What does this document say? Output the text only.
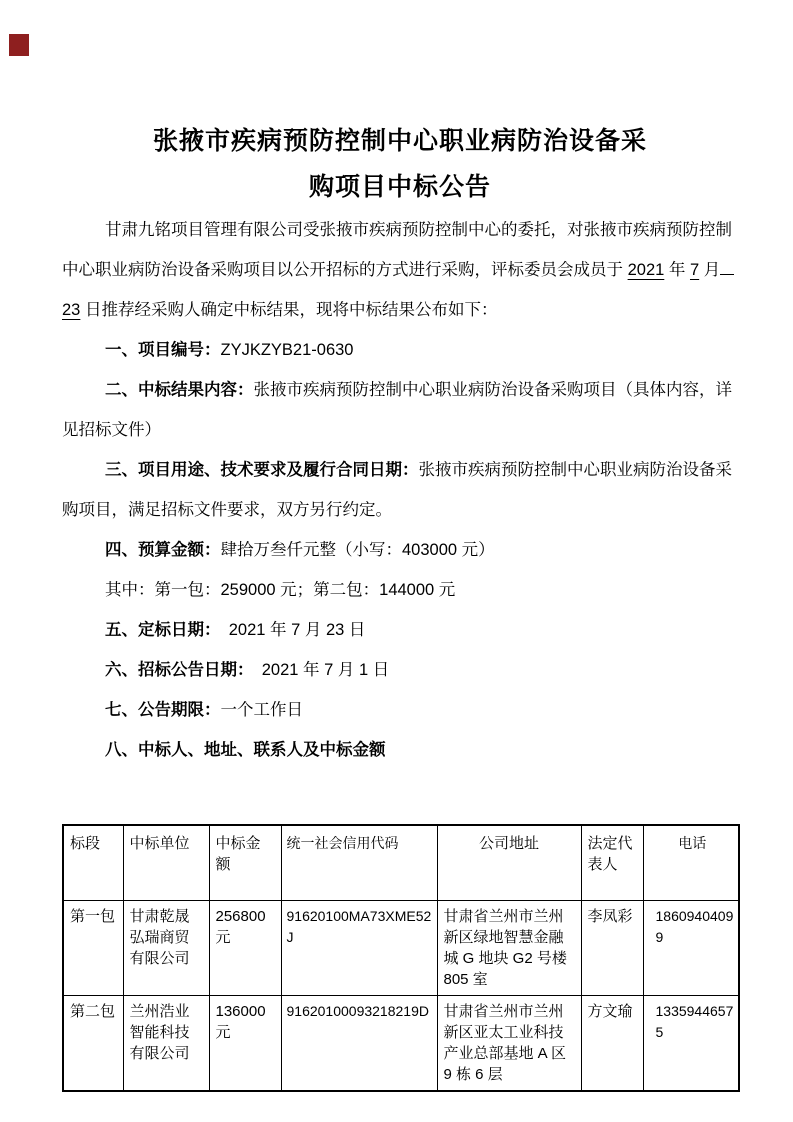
张掖市疾病预防控制中心职业病防治设备采
购项目中标公告
甘肃九铭项目管理有限公司受张掖市疾病预防控制中心的委托，对张掖市疾病预防控制
中心职业病防治设备采购项目以公开招标的方式进行采购，评标委员会成员于 2021 年 7 月
23 日推荐经采购人确定中标结果，现将中标结果公布如下：
一、项目编号：ZYJKZYB21-0630
二、中标结果内容：张掖市疾病预防控制中心职业病防治设备采购项目（具体内容，详
见招标文件）
三、项目用途、技术要求及履行合同日期：张掖市疾病预防控制中心职业病防治设备采
购项目，满足招标文件要求，双方另行约定。
四、预算金额：肆拾万叁仟元整（小写：403000 元）
其中：第一包：259000 元；第二包：144000 元
五、定标日期：　2021 年 7 月 23 日
六、招标公告日期：　2021 年 7 月 1 日
七、公告期限：一个工作日
八、中标人、地址、联系人及中标金额
标段	中标单位	中标金额	统一社会信用代码	公司地址	法定代表人	电话
第一包	甘肃乾晟弘瑞商贸有限公司	256800 元	91620100MA73XME52J	甘肃省兰州市兰州新区绿地智慧金融城 G 地块 G2 号楼 805 室	李凤彩	18609404099
第二包	兰州浩业智能科技有限公司	136000 元	91620100093218219D	甘肃省兰州市兰州新区亚太工业科技产业总部基地 A 区 9 栋 6 层	方文瑜	13359446575
